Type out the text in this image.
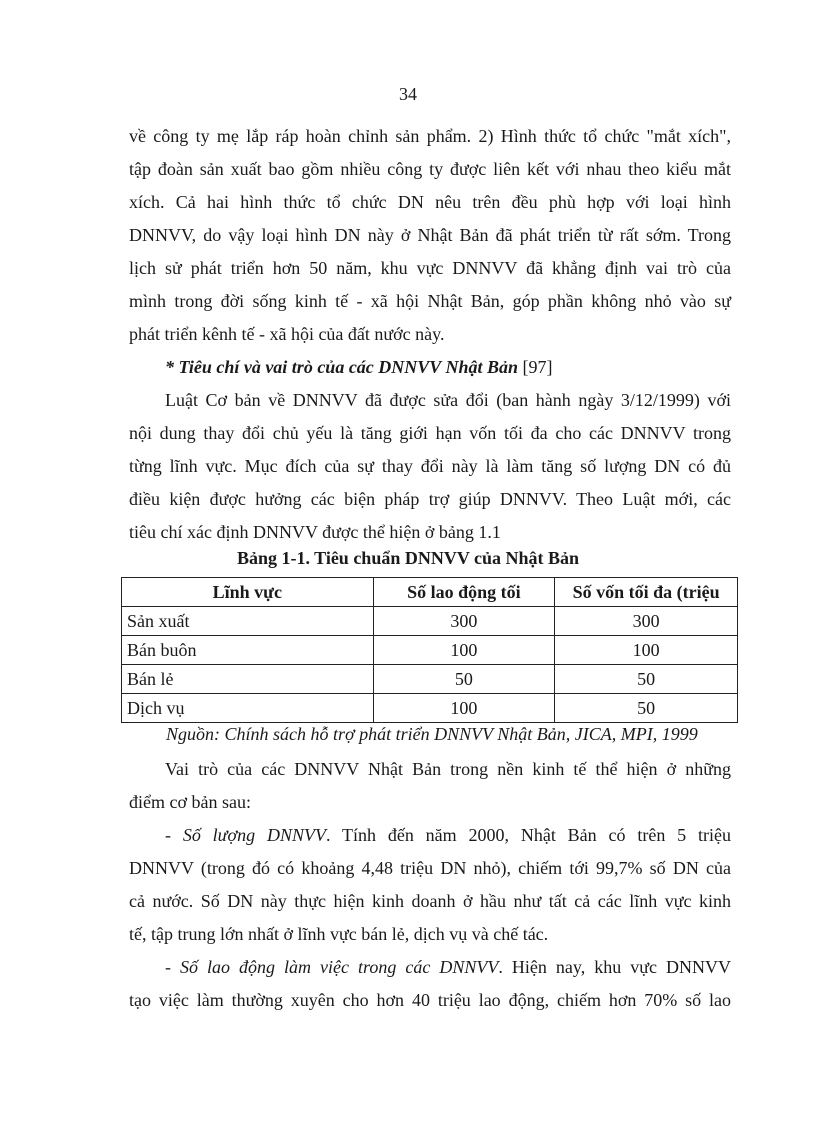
34
về công ty mẹ lắp ráp hoàn chỉnh sản phẩm. 2) Hình thức tổ chức "mắt xích",
tập đoàn sản xuất bao gồm nhiều công ty được liên kết với nhau theo kiểu mắt
xích. Cả hai hình thức tổ chức DN nêu trên đều phù hợp với loại hình
DNNVV, do vậy loại hình DN này ở Nhật Bản đã phát triển từ rất sớm. Trong
lịch sử phát triển hơn 50 năm, khu vực DNNVV đã khẳng định vai trò của
mình trong đời sống kinh tế - xã hội Nhật Bản, góp phần không nhỏ vào sự
phát triển kênh tế - xã hội của đất nước này.
* Tiêu chí và vai trò của các DNNVV Nhật Bản [97]
Luật Cơ bản về DNNVV đã được sửa đổi (ban hành ngày 3/12/1999) với
nội dung thay đổi chủ yếu là tăng giới hạn vốn tối đa cho các DNNVV trong
từng lĩnh vực. Mục đích của sự thay đổi này là làm tăng số lượng DN có đủ
điều kiện được hưởng các biện pháp trợ giúp DNNVV. Theo Luật mới, các
tiêu chí xác định DNNVV được thể hiện ở bảng 1.1
Bảng 1-1. Tiêu chuẩn DNNVV của Nhật Bản
Lĩnh vực	Số lao động tối	Số vốn tối đa (triệu
Sản xuất	300	300
Bán buôn	100	100
Bán lẻ	50	50
Dịch vụ	100	50
Nguồn: Chính sách hỗ trợ phát triển DNNVV Nhật Bản, JICA, MPI, 1999
Vai trò của các DNNVV Nhật Bản trong nền kinh tế thể hiện ở những
điểm cơ bản sau:
- Số lượng DNNVV. Tính đến năm 2000, Nhật Bản có trên 5 triệu
DNNVV (trong đó có khoảng 4,48 triệu DN nhỏ), chiếm tới 99,7% số DN của
cả nước. Số DN này thực hiện kinh doanh ở hầu như tất cả các lĩnh vực kinh
tế, tập trung lớn nhất ở lĩnh vực bán lẻ, dịch vụ và chế tác.
- Số lao động làm việc trong các DNNVV. Hiện nay, khu vực DNNVV
tạo việc làm thường xuyên cho hơn 40 triệu lao động, chiếm hơn 70% số lao
